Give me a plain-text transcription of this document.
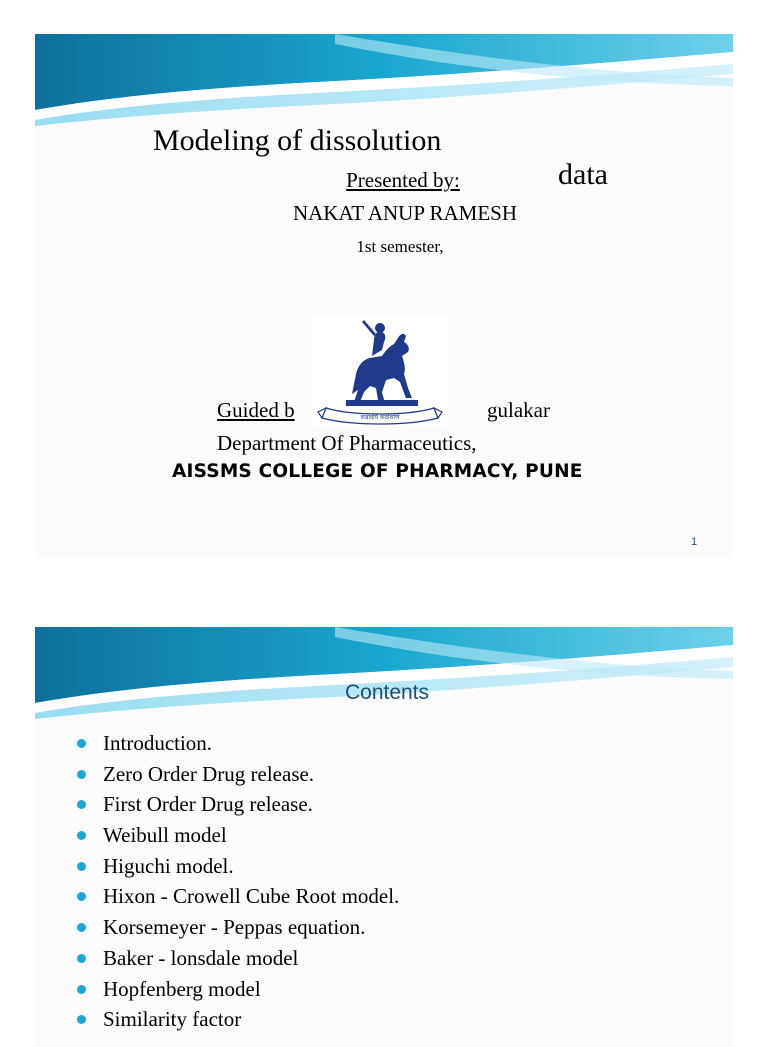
Modeling of dissolution

data

Presented by:
NAKAT ANUP RAMESH
1st semester,
Guided b	gulakar
Department Of Pharmaceutics,
AISSMS COLLEGE OF PHARMACY, PUNE
वज्रादपि कठोराणि
1
Contents
Introduction.
Zero Order Drug release.
First Order Drug release.
Weibull model
Higuchi model.
Hixon - Crowell Cube Root model.
Korsemeyer - Peppas equation.
Baker - lonsdale model
Hopfenberg model
Similarity factor
